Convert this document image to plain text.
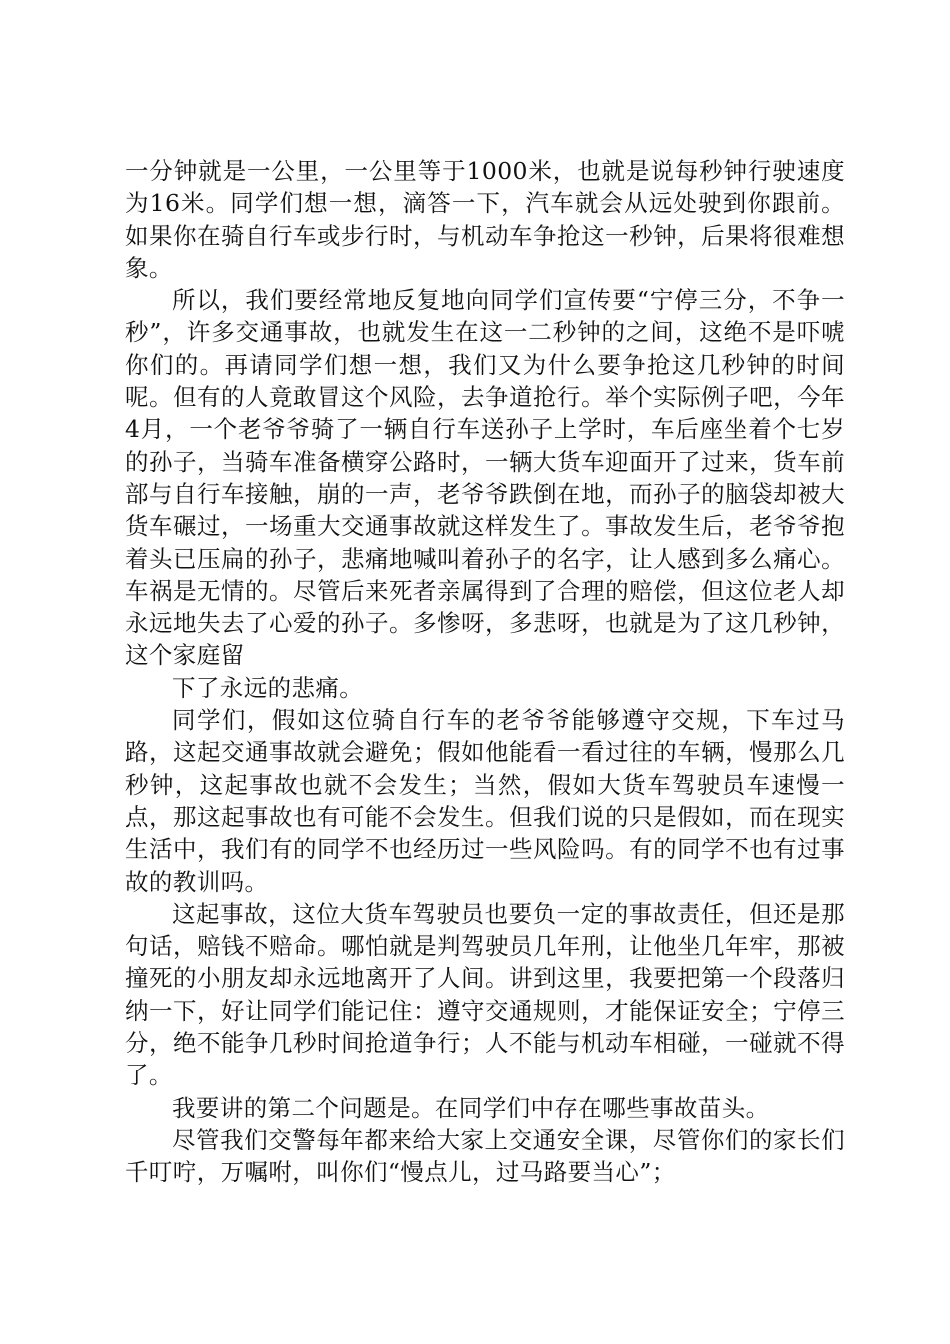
一分钟就是一公里，一公里等于1000米，也就是说每秒钟行驶速度为16米。同学们想一想，滴答一下，汽车就会从远处驶到你跟前。如果你在骑自行车或步行时，与机动车争抢这一秒钟，后果将很难想象。

所以，我们要经常地反复地向同学们宣传要“宁停三分，不争一秒”，许多交通事故，也就发生在这一二秒钟的之间，这绝不是吓唬你们的。再请同学们想一想，我们又为什么要争抢这几秒钟的时间呢。但有的人竟敢冒这个风险，去争道抢行。举个实际例子吧，今年4月，一个老爷爷骑了一辆自行车送孙子上学时，车后座坐着个七岁的孙子，当骑车准备横穿公路时，一辆大货车迎面开了过来，货车前部与自行车接触，崩的一声，老爷爷跌倒在地，而孙子的脑袋却被大货车碾过，一场重大交通事故就这样发生了。事故发生后，老爷爷抱着头已压扁的孙子，悲痛地喊叫着孙子的名字，让人感到多么痛心。车祸是无情的。尽管后来死者亲属得到了合理的赔偿，但这位老人却永远地失去了心爱的孙子。多惨呀，多悲呀，也就是为了这几秒钟，这个家庭留

下了永远的悲痛。

同学们，假如这位骑自行车的老爷爷能够遵守交规，下车过马路，这起交通事故就会避免；假如他能看一看过往的车辆，慢那么几秒钟，这起事故也就不会发生；当然，假如大货车驾驶员车速慢一点，那这起事故也有可能不会发生。但我们说的只是假如，而在现实生活中，我们有的同学不也经历过一些风险吗。有的同学不也有过事故的教训吗。

这起事故，这位大货车驾驶员也要负一定的事故责任，但还是那句话，赔钱不赔命。哪怕就是判驾驶员几年刑，让他坐几年牢，那被撞死的小朋友却永远地离开了人间。讲到这里，我要把第一个段落归纳一下，好让同学们能记住：遵守交通规则，才能保证安全；宁停三分，绝不能争几秒时间抢道争行；人不能与机动车相碰，一碰就不得了。

我要讲的第二个问题是。在同学们中存在哪些事故苗头。

尽管我们交警每年都来给大家上交通安全课，尽管你们的家长们千叮咛，万嘱咐，叫你们“慢点儿，过马路要当心”；
